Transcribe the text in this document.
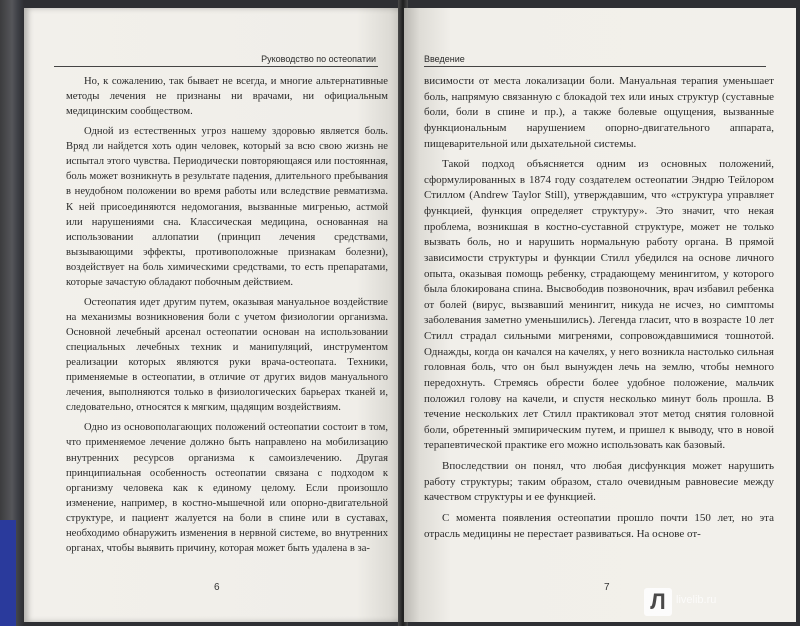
Руководство по остеопатии

Но, к сожалению, так бывает не всегда, и многие альтернативные методы лечения не признаны ни врачами, ни официальным медицинским сообществом.

Одной из естественных угроз нашему здоровью является боль. Вряд ли найдется хоть один человек, который за всю свою жизнь не испытал этого чувства. Периодически повторяющаяся или постоянная, боль может возникнуть в результате падения, длительного пребывания в неудобном положении во время работы или вследствие ревматизма. К ней присоединяются недомогания, вызванные мигренью, астмой или нарушениями сна. Классическая медицина, основанная на использовании аллопатии (принцип лечения средствами, вызывающими эффекты, противоположные признакам болезни), воздействует на боль химическими средствами, то есть препаратами, которые зачастую обладают побочным действием.

Остеопатия идет другим путем, оказывая мануальное воздействие на механизмы возникновения боли с учетом физиологии организма. Основной лечебный арсенал остеопатии основан на использовании специальных лечебных техник и манипуляций, инструментом реализации которых являются руки врача-остеопата. Техники, применяемые в остеопатии, в отличие от других видов мануального лечения, выполняются только в физиологических барьерах тканей и, следовательно, относятся к мягким, щадящим воздействиям.

Одно из основополагающих положений остеопатии состоит в том, что применяемое лечение должно быть направлено на мобилизацию внутренних ресурсов организма к самоизлечению. Другая принципиальная особенность остеопатии связана с подходом к организму человека как к единому целому. Если произошло изменение, например, в костно-мышечной или опорно-двигательной структуре, и пациент жалуется на боли в спине или в суставах, необходимо обнаружить изменения в нервной системе, во внутренних органах, чтобы выявить причину, которая может быть удалена в за-

6
Введение

висимости от места локализации боли. Мануальная терапия уменьшает боль, напрямую связанную с блокадой тех или иных структур (суставные боли, боли в спине и пр.), а также болевые ощущения, вызванные функциональным нарушением опорно-двигательного аппарата, пищеварительной или дыхательной системы.

Такой подход объясняется одним из основных положений, сформулированных в 1874 году создателем остеопатии Эндрю Тейлором Стиллом (Andrew Taylor Still), утверждавшим, что «структура управляет функцией, функция определяет структуру». Это значит, что некая проблема, возникшая в костно-суставной структуре, может не только вызвать боль, но и нарушить нормальную работу органа. В прямой зависимости структуры и функции Стилл убедился на основе личного опыта, оказывая помощь ребенку, страдающему менингитом, у которого была блокирована спина. Высвободив позвоночник, врач избавил ребенка от болей (вирус, вызвавший менингит, никуда не исчез, но симптомы заболевания заметно уменьшились). Легенда гласит, что в возрасте 10 лет Стилл страдал сильными мигренями, сопровождавшимися тошнотой. Однажды, когда он качался на качелях, у него возникла настолько сильная головная боль, что он был вынужден лечь на землю, чтобы немного передохнуть. Стремясь обрести более удобное положение, мальчик положил голову на качели, и спустя несколько минут боль прошла. В течение нескольких лет Стилл практиковал этот метод снятия головной боли, обретенный эмпирическим путем, и пришел к выводу, что в новой терапевтической практике его можно использовать как базовый.

Впоследствии он понял, что любая дисфункция может нарушить работу структуры; таким образом, стало очевидным равновесие между качеством структуры и ее функцией.

С момента появления остеопатии прошло почти 150 лет, но эта отрасль медицины не перестает развиваться. На основе от-

7
Л livelib.ru
